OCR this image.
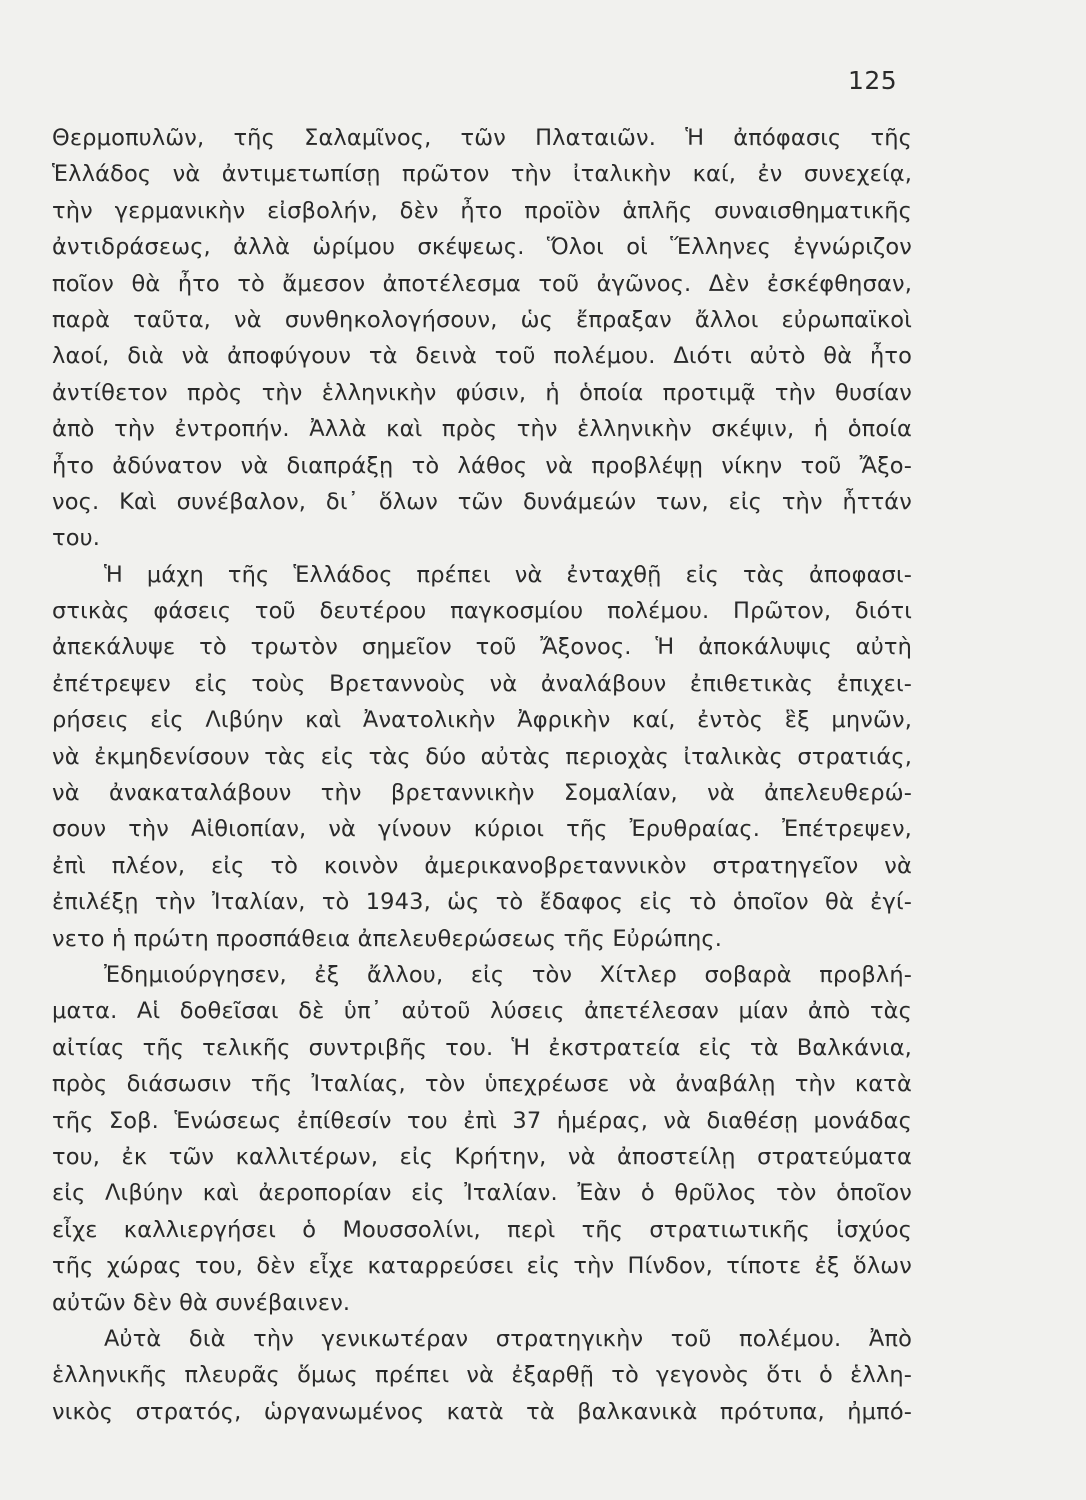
125
Θερμοπυλῶν, τῆς Σαλαμῖνος, τῶν Πλαταιῶν. Ἡ ἀπόφασις τῆς
Ἑλλάδος νὰ ἀντιμετωπίσῃ πρῶτον τὴν ἰταλικὴν καί, ἐν συνεχείᾳ,
τὴν γερμανικὴν εἰσβολήν, δὲν ἦτο προϊὸν ἁπλῆς συναισθηματικῆς
ἀντιδράσεως, ἀλλὰ ὡρίμου σκέψεως. Ὅλοι οἱ Ἕλληνες ἐγνώριζον
ποῖον θὰ ἦτο τὸ ἄμεσον ἀποτέλεσμα τοῦ ἀγῶνος. Δὲν ἐσκέφθησαν,
παρὰ ταῦτα, νὰ συνθηκολογήσουν, ὡς ἔπραξαν ἄλλοι εὐρωπαϊκοὶ
λαοί, διὰ νὰ ἀποφύγουν τὰ δεινὰ τοῦ πολέμου. Διότι αὐτὸ θὰ ἦτο
ἀντίθετον πρὸς τὴν ἑλληνικὴν φύσιν, ἡ ὁποία προτιμᾷ τὴν θυσίαν
ἀπὸ τὴν ἐντροπήν. Ἀλλὰ καὶ πρὸς τὴν ἑλληνικὴν σκέψιν, ἡ ὁποία
ἦτο ἀδύνατον νὰ διαπράξῃ τὸ λάθος νὰ προβλέψῃ νίκην τοῦ Ἄξο-
νος. Καὶ συνέβαλον, δι᾽ ὅλων τῶν δυνάμεών των, εἰς τὴν ἧττάν
του.
Ἡ μάχη τῆς Ἑλλάδος πρέπει νὰ ἐνταχθῇ εἰς τὰς ἀποφασι-
στικὰς φάσεις τοῦ δευτέρου παγκοσμίου πολέμου. Πρῶτον, διότι
ἀπεκάλυψε τὸ τρωτὸν σημεῖον τοῦ Ἄξονος. Ἡ ἀποκάλυψις αὐτὴ
ἐπέτρεψεν εἰς τοὺς Βρεταννοὺς νὰ ἀναλάβουν ἐπιθετικὰς ἐπιχει-
ρήσεις εἰς Λιβύην καὶ Ἀνατολικὴν Ἀφρικὴν καί, ἐντὸς ἓξ μηνῶν,
νὰ ἐκμηδενίσουν τὰς εἰς τὰς δύο αὐτὰς περιοχὰς ἰταλικὰς στρατιάς,
νὰ ἀνακαταλάβουν τὴν βρεταννικὴν Σομαλίαν, νὰ ἀπελευθερώ-
σουν τὴν Αἰθιοπίαν, νὰ γίνουν κύριοι τῆς Ἐρυθραίας. Ἐπέτρεψεν,
ἐπὶ πλέον, εἰς τὸ κοινὸν ἀμερικανοβρεταννικὸν στρατηγεῖον νὰ
ἐπιλέξῃ τὴν Ἰταλίαν, τὸ 1943, ὡς τὸ ἔδαφος εἰς τὸ ὁποῖον θὰ ἐγί-
νετο ἡ πρώτη προσπάθεια ἀπελευθερώσεως τῆς Εὐρώπης.
Ἐδημιούργησεν, ἐξ ἄλλου, εἰς τὸν Χίτλερ σοβαρὰ προβλή-
ματα. Αἱ δοθεῖσαι δὲ ὑπ᾽ αὐτοῦ λύσεις ἀπετέλεσαν μίαν ἀπὸ τὰς
αἰτίας τῆς τελικῆς συντριβῆς του. Ἡ ἐκστρατεία εἰς τὰ Βαλκάνια,
πρὸς διάσωσιν τῆς Ἰταλίας, τὸν ὑπεχρέωσε νὰ ἀναβάλῃ τὴν κατὰ
τῆς Σοβ. Ἑνώσεως ἐπίθεσίν του ἐπὶ 37 ἡμέρας, νὰ διαθέσῃ μονάδας
του, ἐκ τῶν καλλιτέρων, εἰς Κρήτην, νὰ ἀποστείλῃ στρατεύματα
εἰς Λιβύην καὶ ἀεροπορίαν εἰς Ἰταλίαν. Ἐὰν ὁ θρῦλος τὸν ὁποῖον
εἶχε καλλιεργήσει ὁ Μουσσολίνι, περὶ τῆς στρατιωτικῆς ἰσχύος
τῆς χώρας του, δὲν εἶχε καταρρεύσει εἰς τὴν Πίνδον, τίποτε ἐξ ὅλων
αὐτῶν δὲν θὰ συνέβαινεν.
Αὐτὰ διὰ τὴν γενικωτέραν στρατηγικὴν τοῦ πολέμου. Ἀπὸ
ἑλληνικῆς πλευρᾶς ὅμως πρέπει νὰ ἐξαρθῇ τὸ γεγονὸς ὅτι ὁ ἑλλη-
νικὸς στρατός, ὡργανωμένος κατὰ τὰ βαλκανικὰ πρότυπα, ἠμπό-
